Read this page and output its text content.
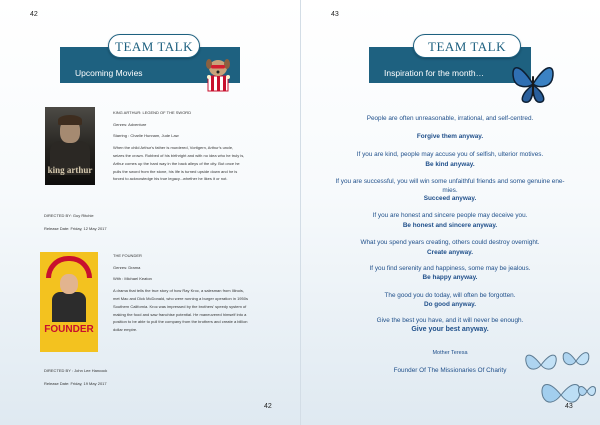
42
Upcoming Movies
TEAM TALK
king arthur

KING ARTHUR: LEGEND OF THE SWORD

Genres: Adventure

Starring : Charlie Hunnam, Jude Law

When the child Arthur's father is murdered, Vortigern, Arthur's uncle,

seizes the crown. Robbed of his birthright and with no idea who he truly is,

Arthur comes up the hard way in the back alleys of the city. But once he

pulls the sword from the stone, his life is turned upside down and he is

forced to acknowledge his true legacy...whether he likes it or not.

DIRECTED BY: Guy Ritchie

Release Date: Friday, 12 May 2017

FOUNDER

THE FOUNDER

Genres: Drama

With : Michael Keaton

A drama that tells the true story of how Ray Kroc, a salesman from Illinois,

met Mac and Dick McDonald, who were running a burger operation in 1950s

Southern California. Kroc was impressed by the brothers’ speedy system of

making the food and saw franchise potential. He maneuvered himself into a

position to be able to pull the company from the brothers and create a billion

dollar empire.

DIRECTED BY : John Lee Hancock

Release Date: Friday, 19 May 2017

42
43
Inspiration for the month…
TEAM TALK
43
People are often unreasonable, irrational, and self-centred.
Forgive them anyway.
If you are kind, people may accuse you of selfish, ulterior motives.
Be kind anyway.
If you are successful, you will win some unfaithful friends and some genuine ene-
mies.
Succeed anyway.
If you are honest and sincere people may deceive you.
Be honest and sincere anyway.
What you spend years creating, others could destroy overnight.
Create anyway.
If you find serenity and happiness, some may be jealous.
Be happy anyway.
The good you do today, will often be forgotten.
Do good anyway.
Give the best you have, and it will never be enough.
Give your best anyway.
Mother Teresa
Founder Of The Missionaries Of Charity
